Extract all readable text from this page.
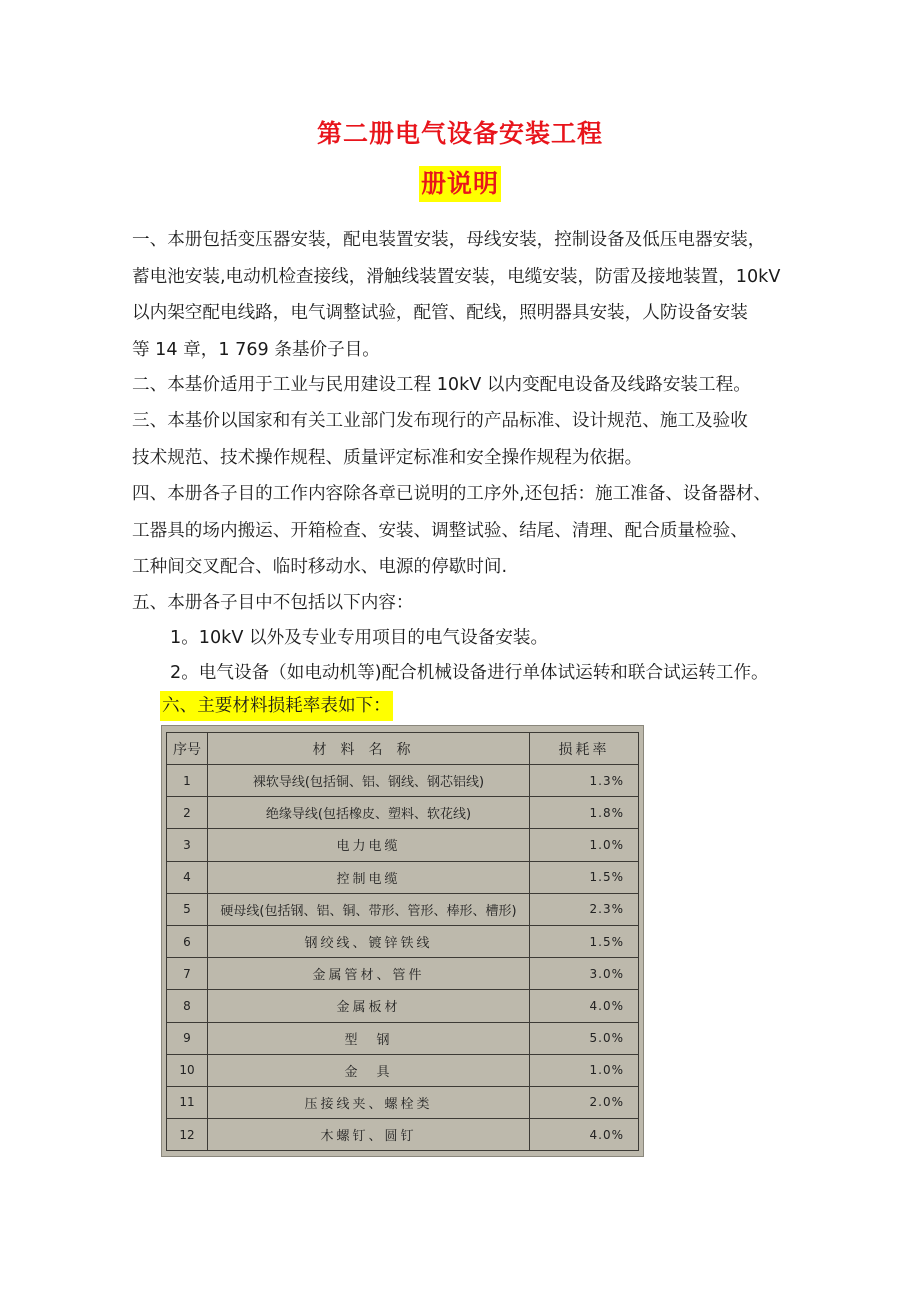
第二册电气设备安装工程
册说明
一、本册包括变压器安装，配电装置安装，母线安装，控制设备及低压电器安装，
蓄电池安装,电动机检查接线，滑触线装置安装，电缆安装，防雷及接地装置，10kV
以内架空配电线路，电气调整试验，配管、配线，照明器具安装，人防设备安装
等 14 章，1 769 条基价子目。
二、本基价适用于工业与民用建设工程 10kV 以内变配电设备及线路安装工程。
三、本基价以国家和有关工业部门发布现行的产品标准、设计规范、施工及验收
技术规范、技术操作规程、质量评定标准和安全操作规程为依据。
四、本册各子目的工作内容除各章已说明的工序外,还包括：施工准备、设备器材、
工器具的场内搬运、开箱检查、安装、调整试验、结尾、清理、配合质量检验、
工种间交叉配合、临时移动水、电源的停歇时间.
五、本册各子目中不包括以下内容：
1。10kV 以外及专业专用项目的电气设备安装。
2。电气设备（如电动机等)配合机械设备进行单体试运转和联合试运转工作。
六、主要材料损耗率表如下：
序号	材料名称	损耗率
1	裸软导线(包括铜、铝、钢线、钢芯铝线)	1.3%
2	绝缘导线(包括橡皮、塑料、软花线)	1.8%
3	电力电缆	1.0%
4	控制电缆	1.5%
5	硬母线(包括钢、铝、铜、带形、管形、棒形、槽形)	2.3%
6	钢绞线、镀锌铁线	1.5%
7	金属管材、管件	3.0%
8	金属板材	4.0%
9	型　钢	5.0%
10	金　具	1.0%
11	压接线夹、螺栓类	2.0%
12	木螺钉、圆钉	4.0%
